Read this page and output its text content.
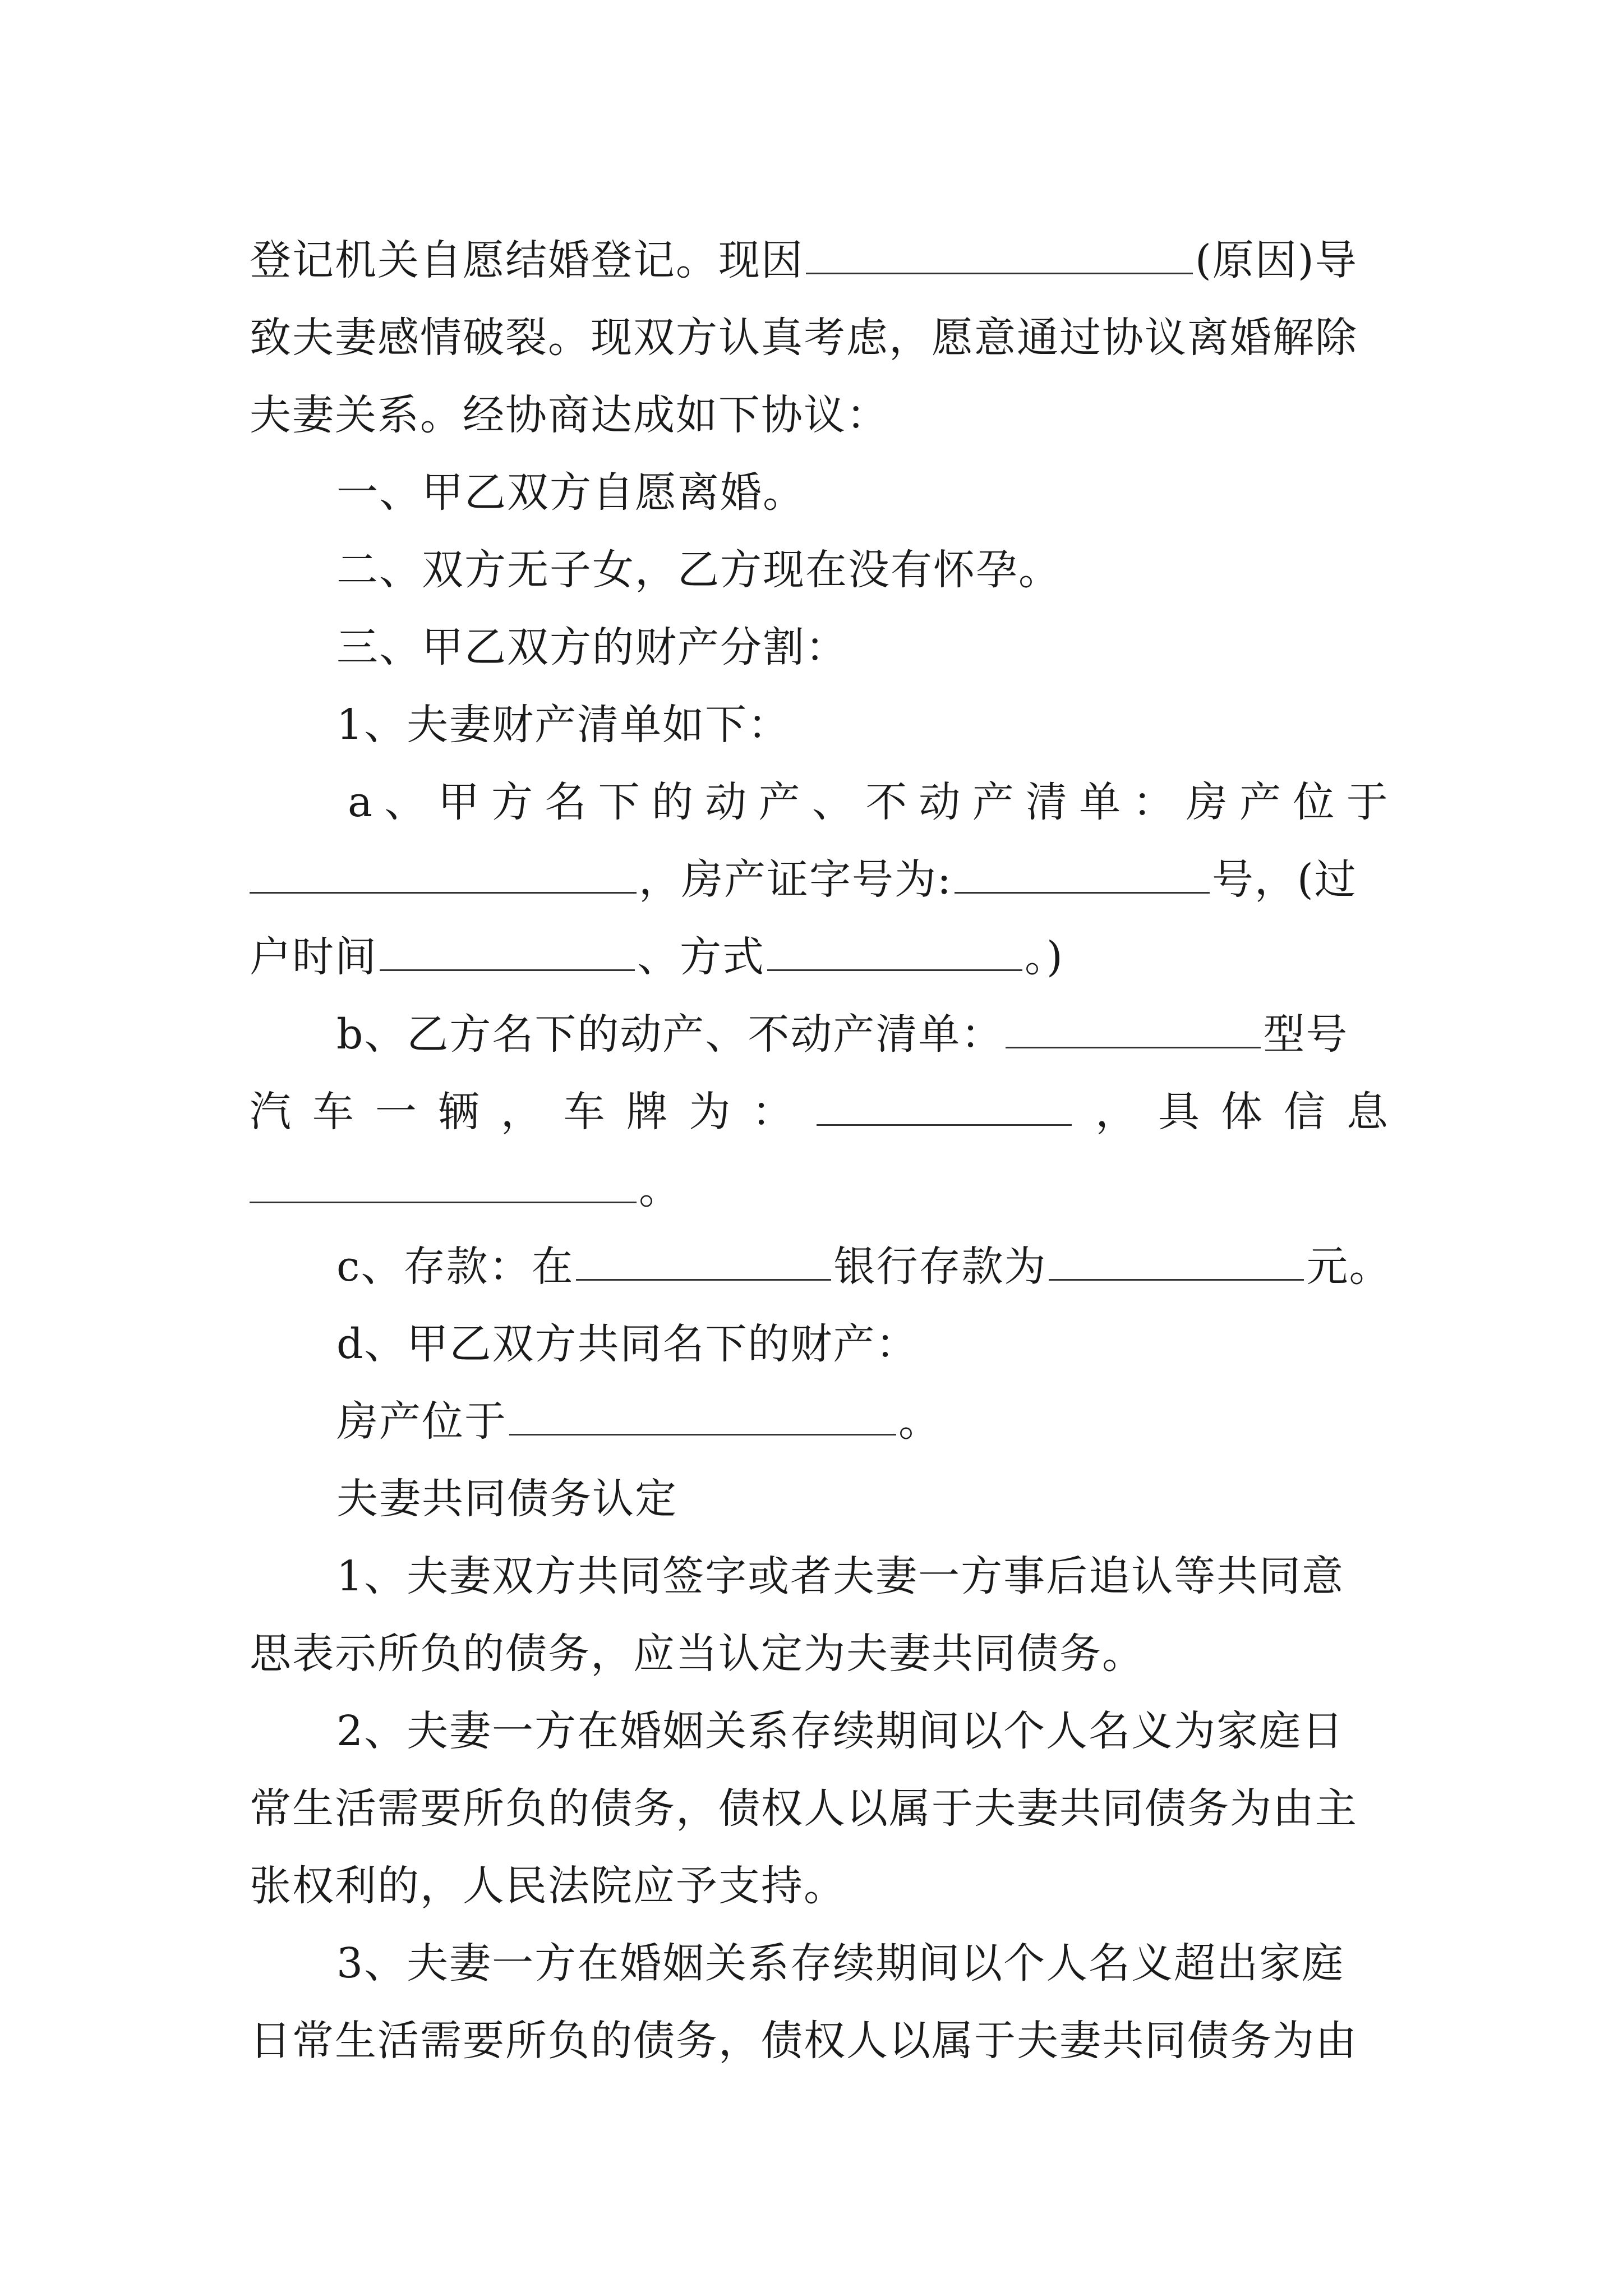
登记机关自愿结婚登记。现因	(原因)导
致夫妻感情破裂。现双方认真考虑，愿意通过协议离婚解除
夫妻关系。经协商达成如下协议：
一、甲乙双方自愿离婚。
二、双方无子女，乙方现在没有怀孕。
三、甲乙双方的财产分割：
1、夫妻财产清单如下：
a 、 甲 方 名 下 的 动 产 、 不 动 产 清 单 ： 房 产 位 于
，房产证字号为:	号，(过
户时间	、方式	。)
b、乙方名下的动产、不动产清单：	型号
汽 车 一 辆 ， 车 牌 为 ：	， 具 体 信 息
。
c、存款：在	银行存款为	元。
d、甲乙双方共同名下的财产：
房产位于	。
夫妻共同债务认定
1、夫妻双方共同签字或者夫妻一方事后追认等共同意
思表示所负的债务，应当认定为夫妻共同债务。
2、夫妻一方在婚姻关系存续期间以个人名义为家庭日
常生活需要所负的债务，债权人以属于夫妻共同债务为由主
张权利的，人民法院应予支持。
3、夫妻一方在婚姻关系存续期间以个人名义超出家庭
日常生活需要所负的债务，债权人以属于夫妻共同债务为由
